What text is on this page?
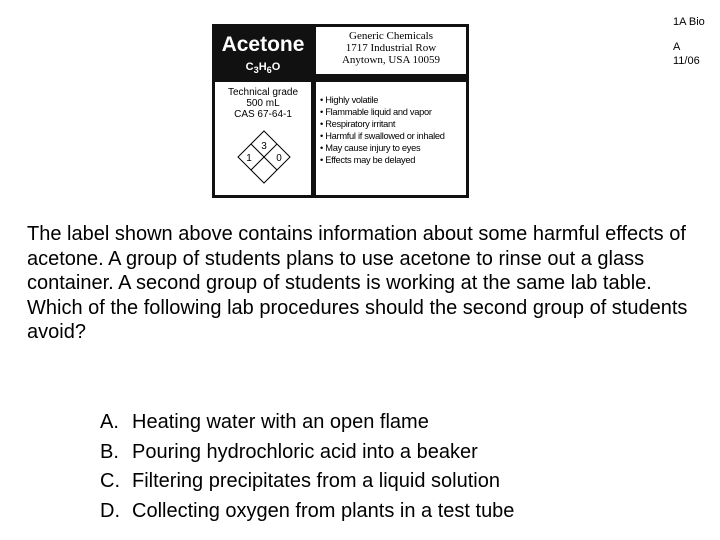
1A Bio
A
11/06
Acetone
$C_3H_6O$
Generic Chemicals
1717 Industrial Row
Anytown, USA 10059
Technical grade
500 mL
CAS 67-64-1
3
1 0
• Highly volatile
• Flammable liquid and vapor
• Respiratory irritant
• Harmful if swallowed or inhaled
• May cause injury to eyes
• Effects may be delayed
The label shown above contains information about some harmful effects of acetone. A group of students plans to use acetone to rinse out a glass container. A second group of students is working at the same lab table. Which of the following lab procedures should the second group of students avoid?
A. Heating water with an open flame
B. Pouring hydrochloric acid into a beaker
C. Filtering precipitates from a liquid solution
D. Collecting oxygen from plants in a test tube
